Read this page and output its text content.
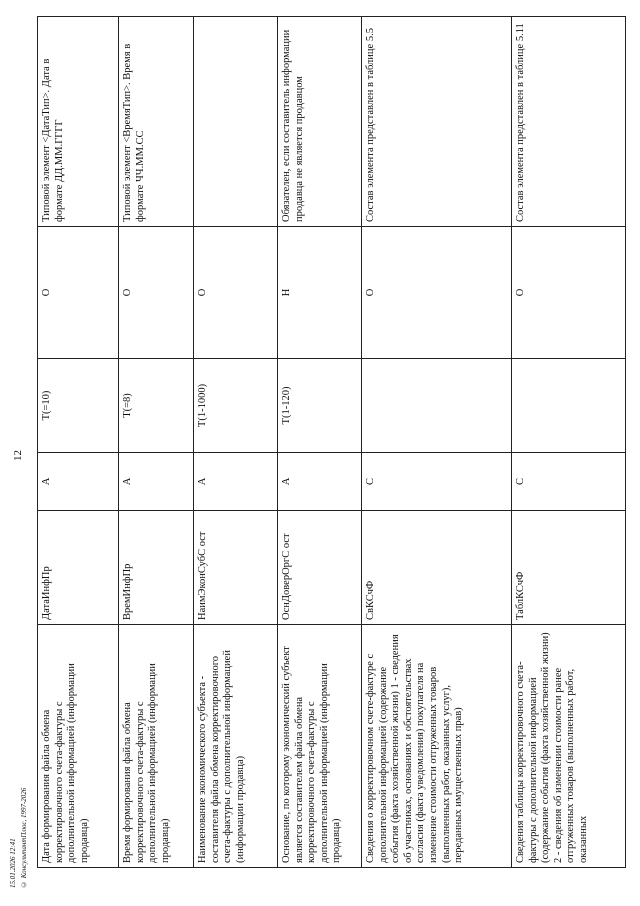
12
15.01.2026 12:41 © КонсультантПлюс, 1997-2026 Дата формирования файла обмена корректировочного счета-фактуры с дополнительной информацией (информации продавца)	ДатаИнфПр	А	T(=10)	О	Типовой элемент <ДатаТип>. Дата в формате ДД.ММ.ГГГГ
Время формирования файла обмена корректировочного счета-фактуры с дополнительной информацией (информации продавца)	ВремИнфПр	А	T(=8)	О	Типовой элемент <ВремяТип>. Время в формате ЧЧ.ММ.СС
Наименование экономического субъекта - составителя файла обмена корректировочного счета-фактуры с дополнительной информацией (информации продавца)	НаимЭконСубС ост	А	T(1-1000)	О	
Основание, по которому экономический субъект является составителем файла обмена корректировочного счета-фактуры с дополнительной информацией (информации продавца)	ОснДоверОргС ост	А	T(1-120)	Н	Обязателен, если составитель информации продавца не является продавцом
Сведения о корректировочном счете-фактуре с дополнительной информацией (содержание события (факта хозяйственной жизни) 1 - сведения об участниках, основаниях и обстоятельствах согласия (факта уведомления) покупателя на изменение стоимости отгруженных товаров (выполненных работ, оказанных услуг), переданных имущественных прав)	СвКСчФ	С		О	Состав элемента представлен в таблице 5.5
Сведения таблицы корректировочного счета-фактуры с дополнительной информацией (содержание события (факта хозяйственной жизни) 2 - сведения об изменении стоимости ранее отгруженных товаров (выполненных работ, оказанных	ТаблКСчФ	С		О	Состав элемента представлен в таблице 5.11
